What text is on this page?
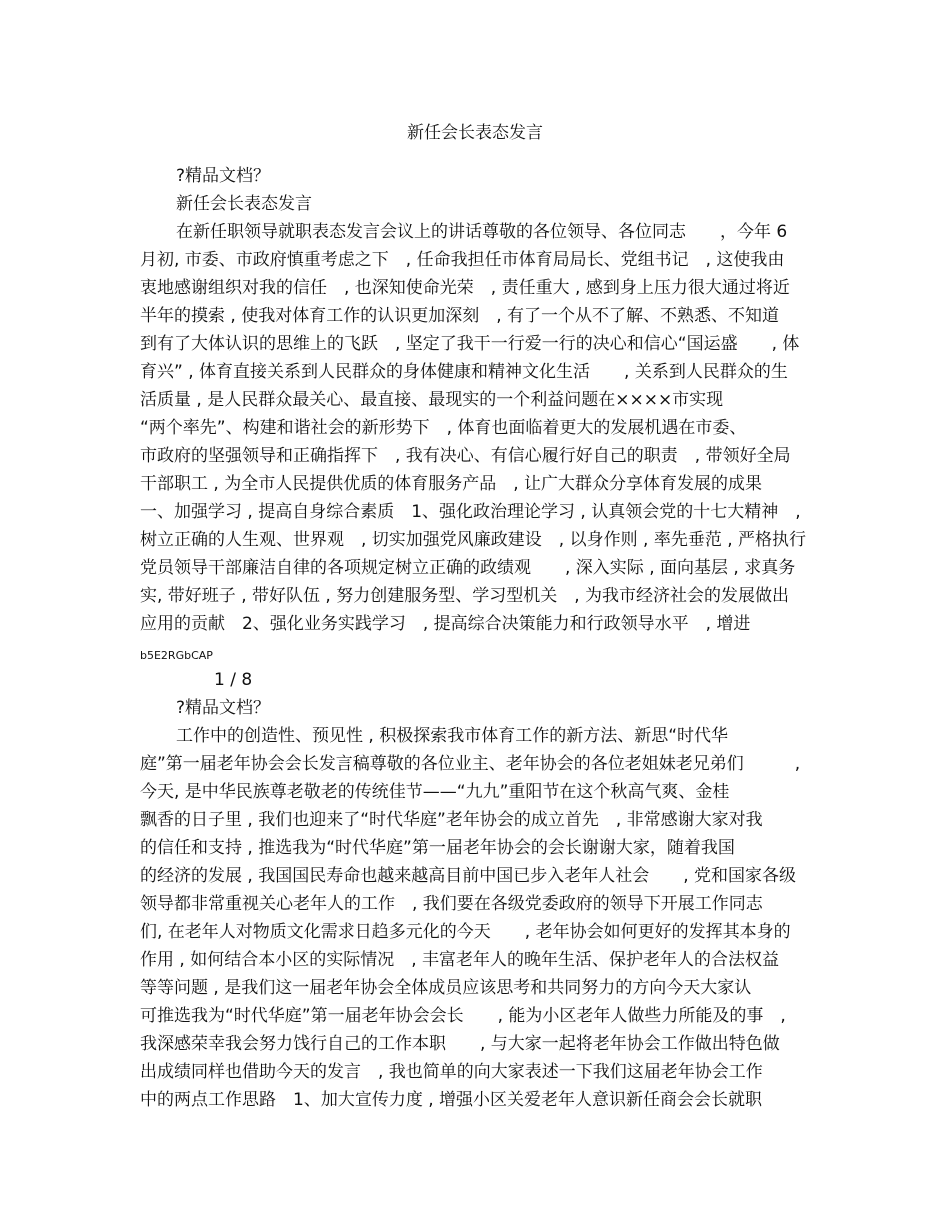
新任会长表态发言
?精品文档？
新任会长表态发言
在新任职领导就职表态发言会议上的讲话尊敬的各位领导、各位同志　　，今年 6
月初, 市委、市政府慎重考虑之下　, 任命我担任市体育局局长、党组书记　, 这使我由
衷地感谢组织对我的信任　, 也深知使命光荣　, 责任重大 , 感到身上压力很大通过将近
半年的摸索 , 使我对体育工作的认识更加深刻　, 有了一个从不了解、不熟悉、不知道
到有了大体认识的思维上的飞跃　, 坚定了我干一行爱一行的决心和信心“国运盛　　, 体
育兴” , 体育直接关系到人民群众的身体健康和精神文化生活　　, 关系到人民群众的生
活质量 , 是人民群众最关心、最直接、最现实的一个利益问题在××××市实现
“两个率先”、构建和谐社会的新形势下　, 体育也面临着更大的发展机遇在市委、
市政府的坚强领导和正确指挥下　, 我有决心、有信心履行好自己的职责　, 带领好全局
干部职工 , 为全市人民提供优质的体育服务产品　, 让广大群众分享体育发展的成果
一、加强学习 , 提高自身综合素质　1、强化政治理论学习 , 认真领会党的十七大精神　,
树立正确的人生观、世界观　, 切实加强党风廉政建设　, 以身作则 , 率先垂范 , 严格执行
党员领导干部廉洁自律的各项规定树立正确的政绩观　　, 深入实际 , 面向基层 , 求真务
实, 带好班子 , 带好队伍 , 努力创建服务型、学习型机关　, 为我市经济社会的发展做出
应用的贡献　2、强化业务实践学习　, 提高综合决策能力和行政领导水平　, 增进
b5E2RGbCAP
1 / 8
?精品文档？
工作中的创造性、预见性 , 积极探索我市体育工作的新方法、新思“时代华
庭”第一届老年协会会长发言稿尊敬的各位业主、老年协会的各位老姐妹老兄弟们　　　,
今天, 是中华民族尊老敬老的传统佳节——“九九”重阳节在这个秋高气爽、金桂
飘香的日子里 , 我们也迎来了“时代华庭”老年协会的成立首先　, 非常感谢大家对我
的信任和支持 , 推选我为“时代华庭”第一届老年协会的会长谢谢大家，随着我国
的经济的发展 , 我国国民寿命也越来越高目前中国已步入老年人社会　　, 党和国家各级
领导都非常重视关心老年人的工作　, 我们要在各级党委政府的领导下开展工作同志
们, 在老年人对物质文化需求日趋多元化的今天　　, 老年协会如何更好的发挥其本身的
作用 , 如何结合本小区的实际情况　, 丰富老年人的晚年生活、保护老年人的合法权益
等等问题 , 是我们这一届老年协会全体成员应该思考和共同努力的方向今天大家认
可推选我为“时代华庭”第一届老年协会会长　　, 能为小区老年人做些力所能及的事　,
我深感荣幸我会努力饯行自己的工作本职　　, 与大家一起将老年协会工作做出特色做
出成绩同样也借助今天的发言　, 我也简单的向大家表述一下我们这届老年协会工作
中的两点工作思路　1、加大宣传力度 , 增强小区关爱老年人意识新任商会会长就职
